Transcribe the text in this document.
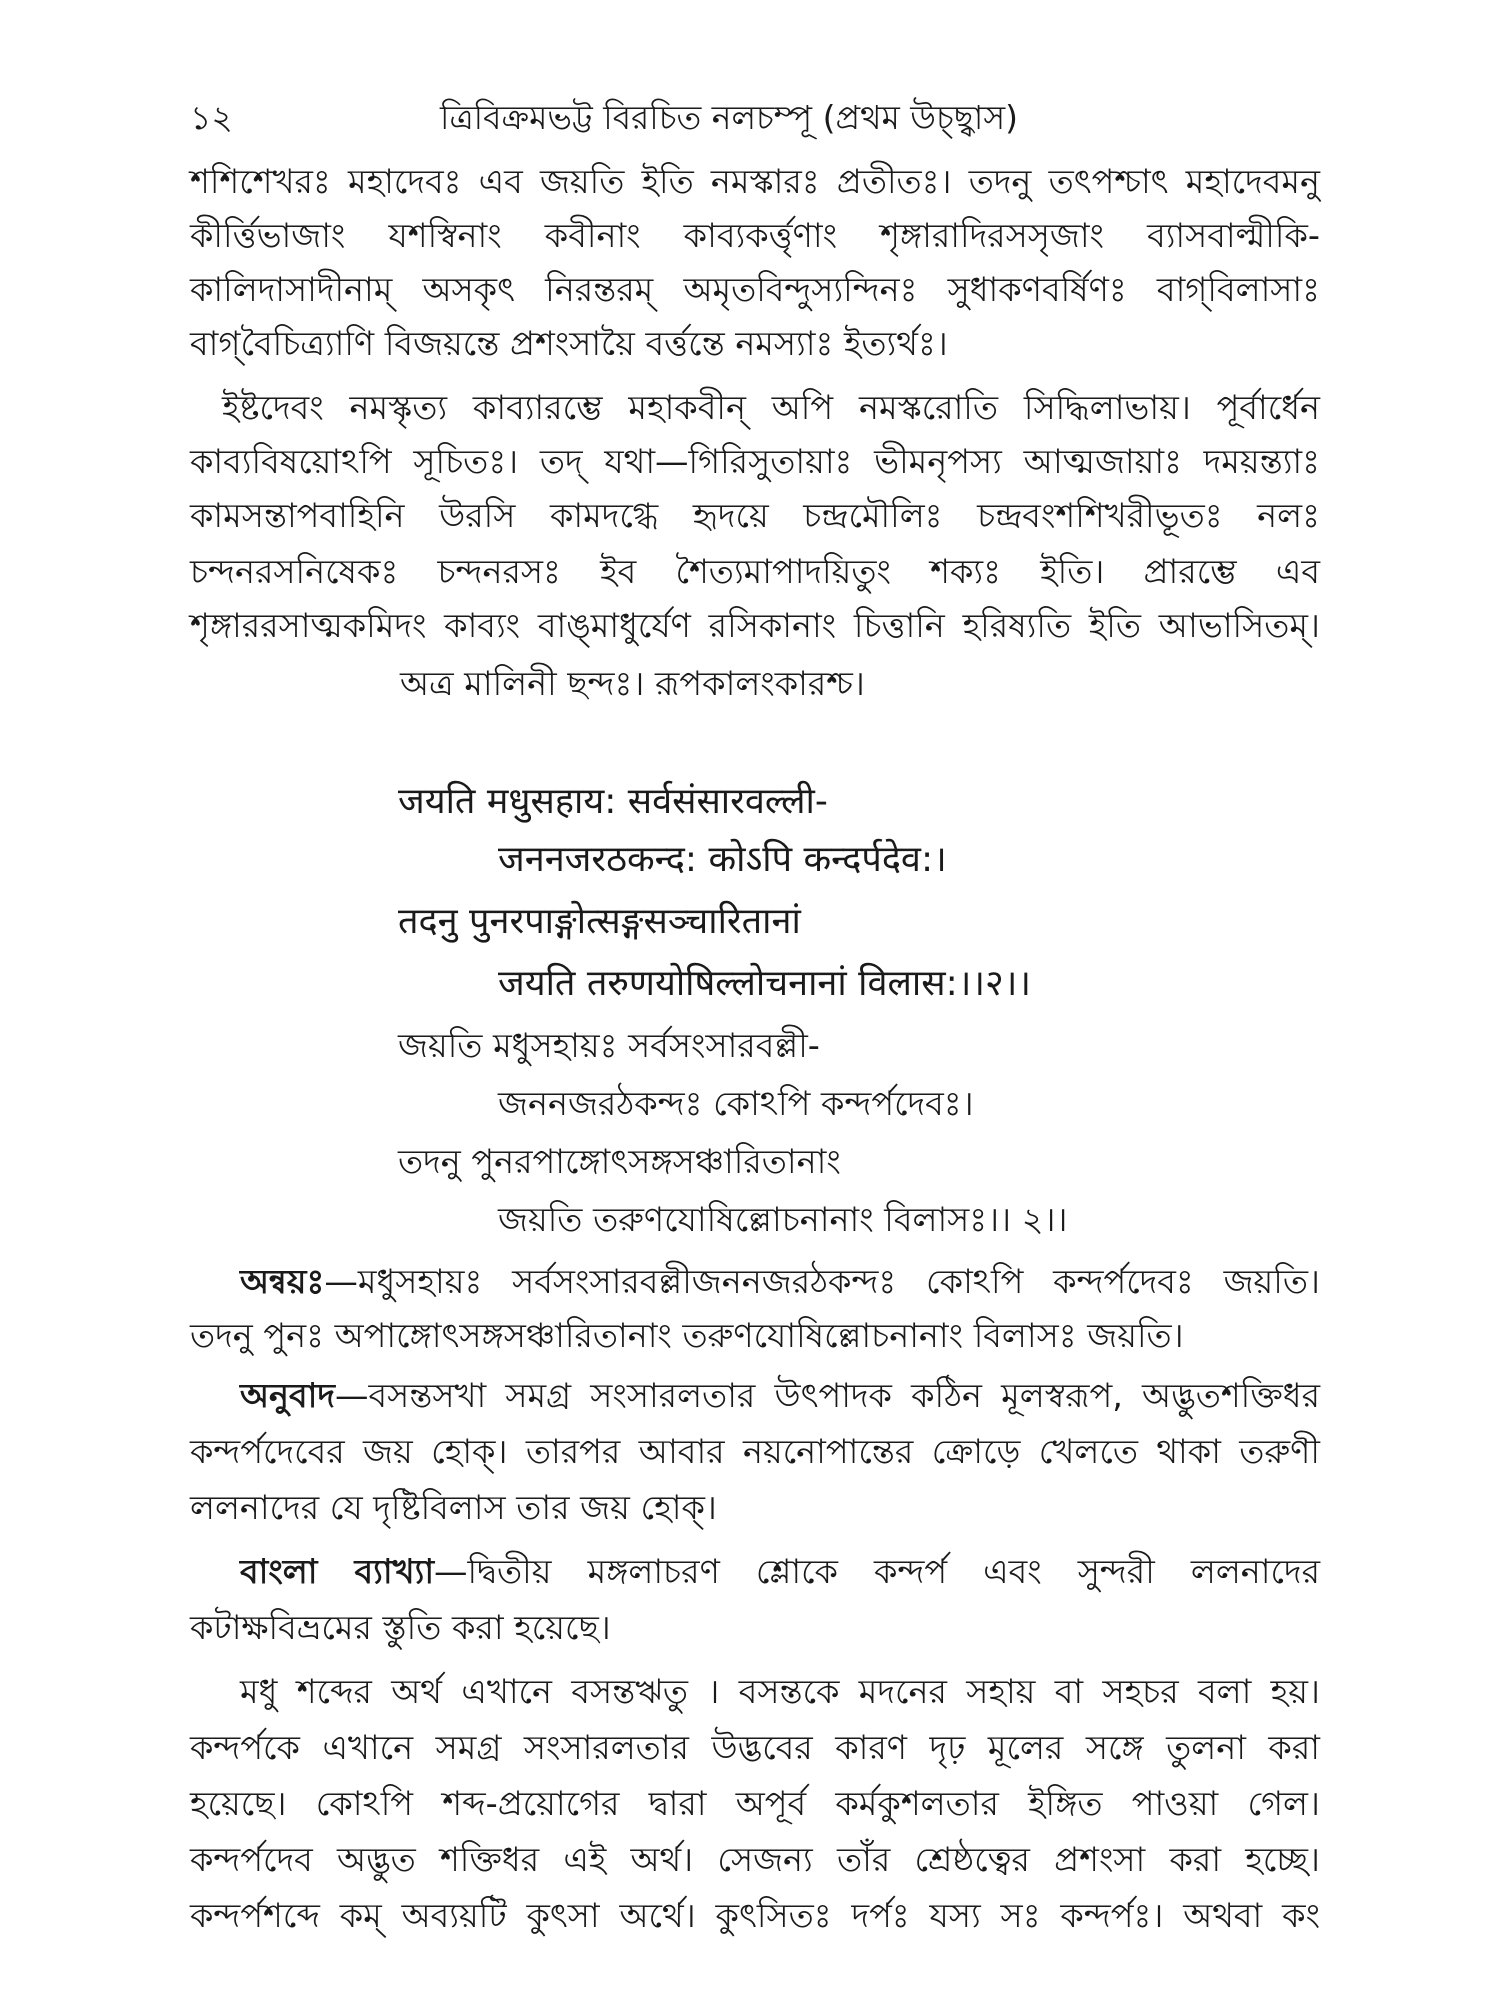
১২	ত্রিবিক্রমভট্ট বিরচিত নলচম্পূ (প্রথম উচ্ছ্বাস)
শশিশেখরঃ মহাদেবঃ এব জয়তি ইতি নমস্কারঃ প্রতীতঃ। তদনু তৎপশ্চাৎ মহাদেবমনু
কীর্ত্তিভাজাং যশস্বিনাং কবীনাং কাব্যকর্ত্তৃণাং শৃঙ্গারাদিরসসৃজাং ব্যাসবাল্মীকি-
কালিদাসাদীনাম্ অসকৃৎ নিরন্তরম্ অমৃতবিন্দুস্যন্দিনঃ সুধাকণবর্ষিণঃ বাগ্‌বিলাসাঃ
বাগ্‌বৈচিত্র্যাণি বিজয়ন্তে প্রশংসায়ৈ বর্ত্তন্তে নমস্যাঃ ইত্যর্থঃ।
ইষ্টদেবং নমস্কৃত্য কাব্যারম্ভে মহাকবীন্ অপি নমস্করোতি সিদ্ধিলাভায়। পূর্বার্ধেন
কাব্যবিষয়োঽপি সূচিতঃ। তদ্ যথা—গিরিসুতায়াঃ ভীমনৃপস্য আত্মজায়াঃ দময়ন্ত্যাঃ
কামসন্তাপবাহিনি উরসি কামদগ্ধে হৃদয়ে চন্দ্রমৌলিঃ চন্দ্রবংশশিখরীভূতঃ নলঃ
চন্দনরসনিষেকঃ চন্দনরসঃ ইব শৈত্যমাপাদয়িতুং শক্যঃ ইতি। প্রারম্ভে এব
শৃঙ্গাররসাত্মকমিদং কাব্যং বাঙ্‌মাধুর্যেণ রসিকানাং চিত্তানি হরিষ্যতি ইতি আভাসিতম্।
অত্র মালিনী ছন্দঃ। রূপকালংকারশ্চ।
जयति मधुसहाय: सर्वसंसारवल्ली-
जननजरठकन्द: कोऽपि कन्दर्पदेव:।
तदनु पुनरपाङ्गोत्सङ्गसञ्चारितानां
जयति तरुणयोषिल्लोचनानां विलास:।।२।।
জয়তি মধুসহায়ঃ সর্বসংসারবল্লী-
জননজরঠকন্দঃ কোঽপি কন্দর্পদেবঃ।
তদনু পুনরপাঙ্গোৎসঙ্গসঞ্চারিতানাং
জয়তি তরুণযোষিল্লোচনানাং বিলাসঃ।। ২।।
অন্বয়ঃ—মধুসহায়ঃ সর্বসংসারবল্লীজননজরঠকন্দঃ কোঽপি কন্দর্পদেবঃ জয়তি।
তদনু পুনঃ অপাঙ্গোৎসঙ্গসঞ্চারিতানাং তরুণযোষিল্লোচনানাং বিলাসঃ জয়তি।
অনুবাদ—বসন্তসখা সমগ্র সংসারলতার উৎপাদক কঠিন মূলস্বরূপ, অদ্ভুতশক্তিধর
কন্দর্পদেবের জয় হোক্। তারপর আবার নয়নোপান্তের ক্রোড়ে খেলতে থাকা তরুণী
ললনাদের যে দৃষ্টিবিলাস তার জয় হোক্।
বাংলা ব্যাখ্যা—দ্বিতীয় মঙ্গলাচরণ শ্লোকে কন্দর্প এবং সুন্দরী ললনাদের
কটাক্ষবিভ্রমের স্তুতি করা হয়েছে।
মধু শব্দের অর্থ এখানে বসন্তঋতু । বসন্তকে মদনের সহায় বা সহচর বলা হয়।
কন্দর্পকে এখানে সমগ্র সংসারলতার উদ্ভবের কারণ দৃঢ় মূলের সঙ্গে তুলনা করা
হয়েছে। কোঽপি শব্দ-প্রয়োগের দ্বারা অপূর্ব কর্মকুশলতার ইঙ্গিত পাওয়া গেল।
কন্দর্পদেব অদ্ভুত শক্তিধর এই অর্থ। সেজন্য তাঁর শ্রেষ্ঠত্বের প্রশংসা করা হচ্ছে।
কন্দর্পশব্দে কম্ অব্যয়টি কুৎসা অর্থে। কুৎসিতঃ দর্পঃ যস্য সঃ কন্দর্পঃ। অথবা কং
